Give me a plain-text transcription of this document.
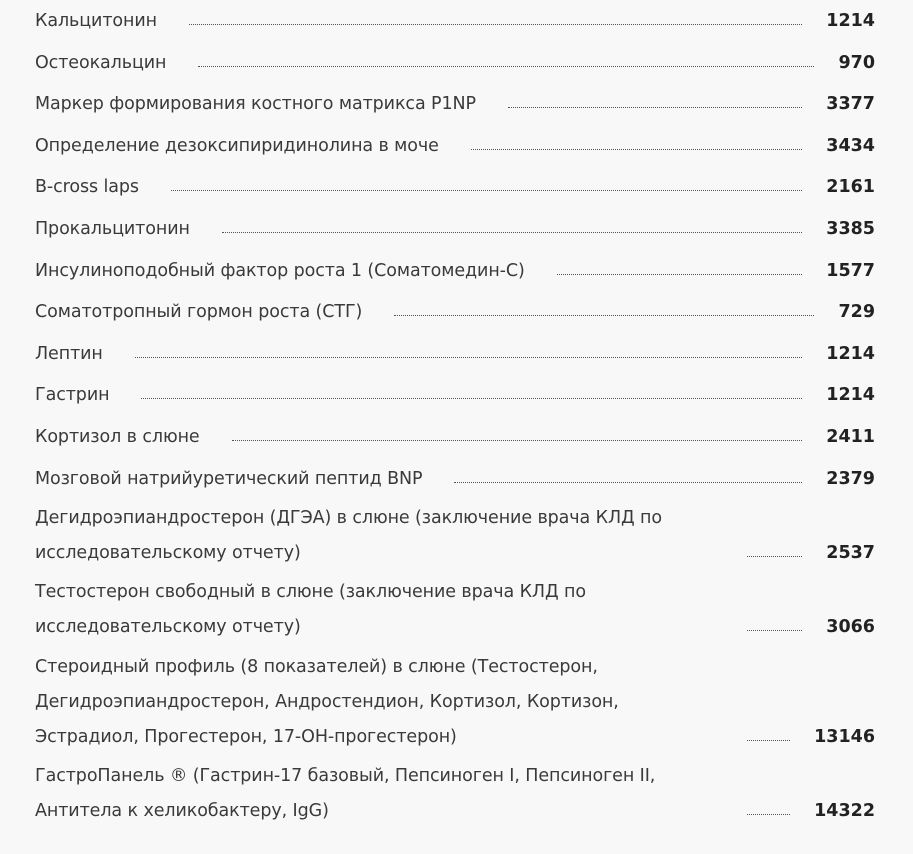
Кальцитонин	1214
Остеокальцин	970
Маркер формирования костного матрикса P1NP	3377
Определение дезоксипиридинолина в моче	3434
B-cross laps	2161
Прокальцитонин	3385
Инсулиноподобный фактор роста 1 (Соматомедин-С)	1577
Соматотропный гормон роста (СТГ)	729
Лептин	1214
Гастрин	1214
Кортизол в слюне	2411
Мозговой натрийуретический пептид BNP	2379
Дегидроэпиандростерон (ДГЭА) в слюне (заключение врача КЛД по исследовательскому отчету)	2537
Тестостерон свободный в слюне (заключение врача КЛД по исследовательскому отчету)	3066
Стероидный профиль (8 показателей) в слюне (Тестостерон, Дегидроэпиандростерон, Андростендион, Кортизол, Кортизон, Эстрадиол, Прогестерон, 17-ОН-прогестерон)	13146
ГастроПанель ® (Гастрин-17 базовый, Пепсиноген I, Пепсиноген II, Антитела к хеликобактеру, IgG)	14322
